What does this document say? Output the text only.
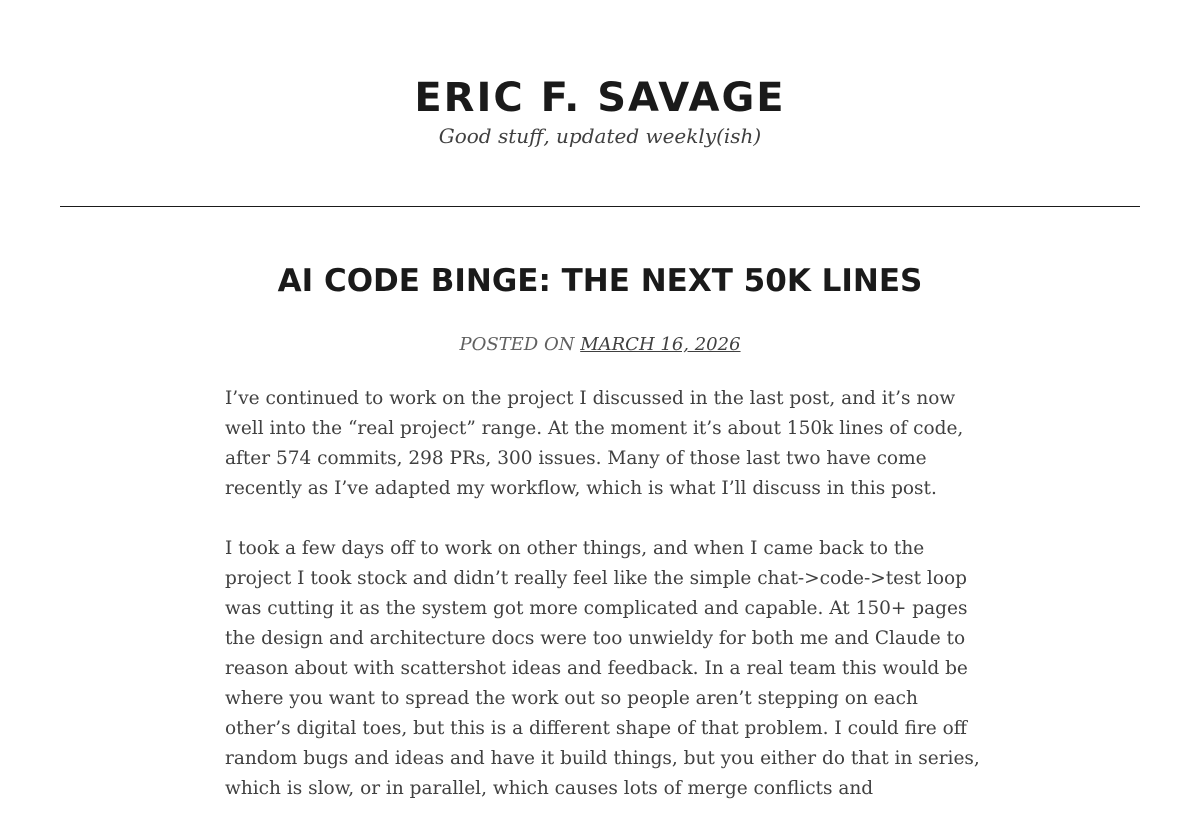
ERIC F. SAVAGE

Good stuff, updated weekly(ish)

AI CODE BINGE: THE NEXT 50K LINES
POSTED ON MARCH 16, 2026

I’ve continued to work on the project I discussed in the last post, and it’s now well into the “real project” range. At the moment it’s about 150k lines of code, after 574 commits, 298 PRs, 300 issues. Many of those last two have come recently as I’ve adapted my workflow, which is what I’ll discuss in this post.

I took a few days off to work on other things, and when I came back to the project I took stock and didn’t really feel like the simple chat->code->test loop was cutting it as the system got more complicated and capable. At 150+ pages the design and architecture docs were too unwieldy for both me and Claude to reason about with scattershot ideas and feedback. In a real team this would be where you want to spread the work out so people aren’t stepping on each other’s digital toes, but this is a different shape of that problem. I could fire off random bugs and ideas and have it build things, but you either do that in series, which is slow, or in parallel, which causes lots of merge conflicts and
